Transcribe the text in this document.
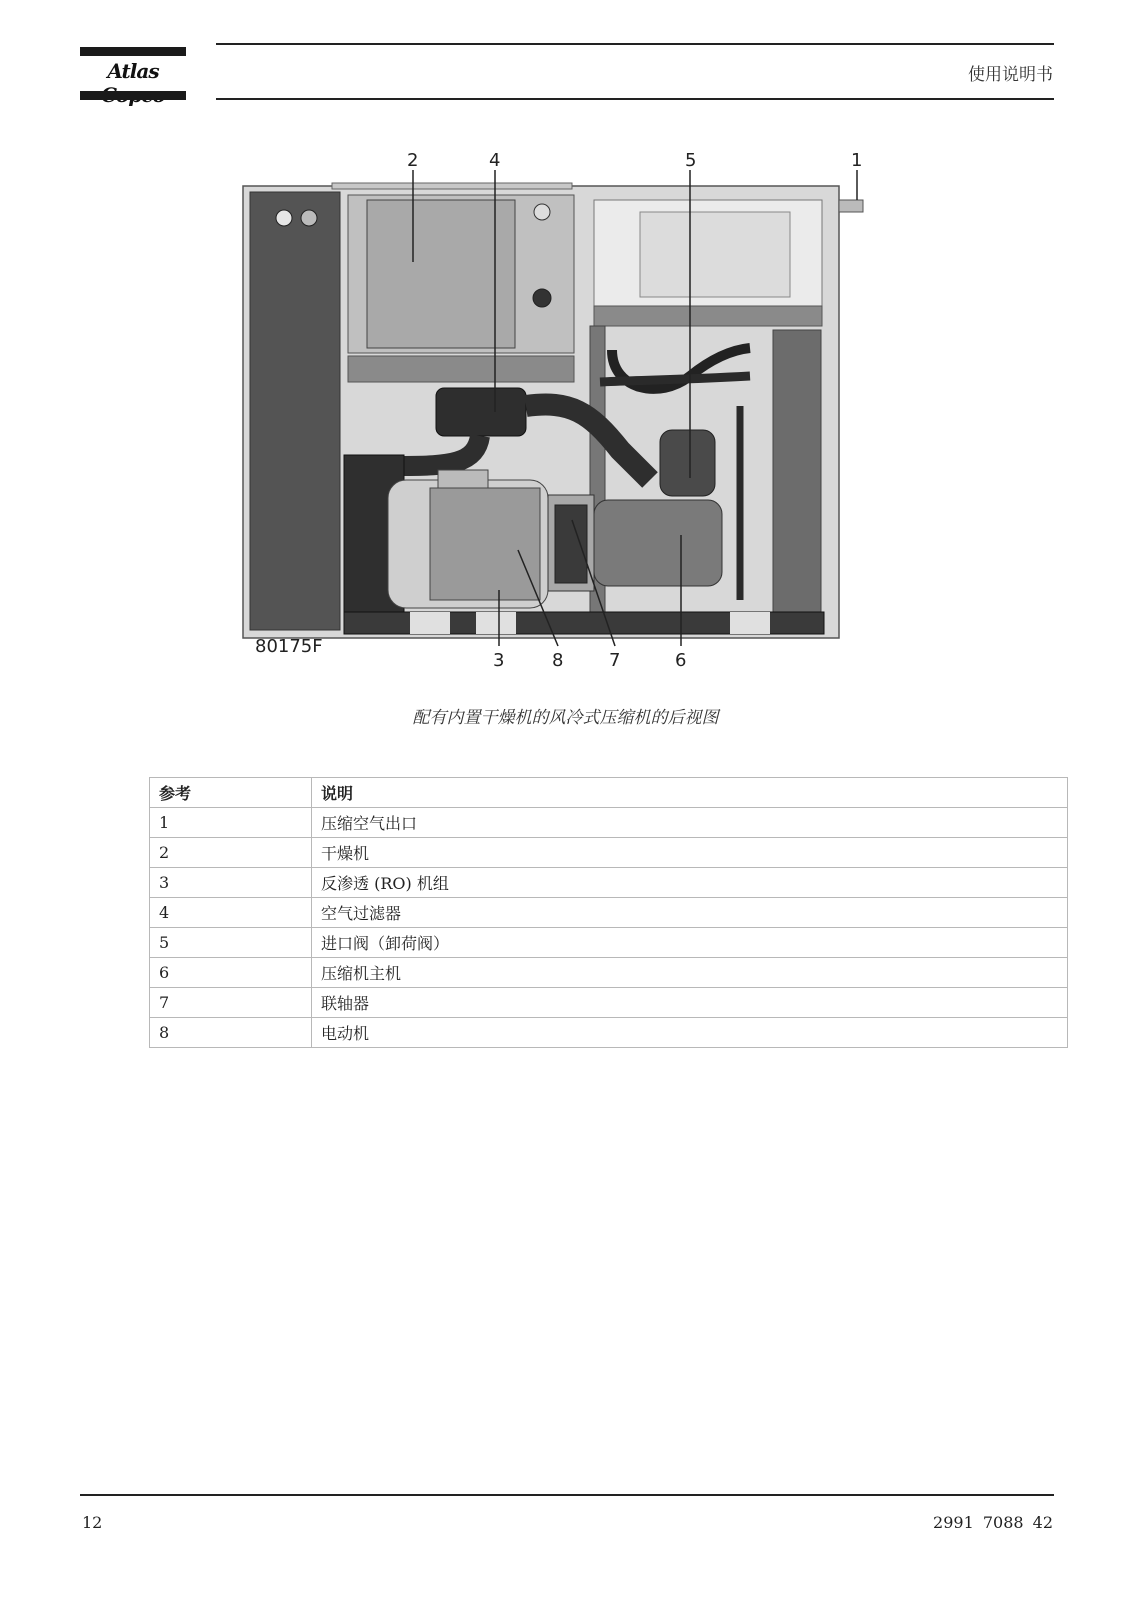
Atlas	使用说明书
2	4	5	1
80175F
3	8	7	6
配有内置干燥机的风冷式压缩机的后视图
参考	说明
1	压缩空气出口
2	干燥机
3	反渗透 (RO) 机组
4	空气过滤器
5	进口阀（卸荷阀）
6	压缩机主机
7	联轴器
8	电动机
12	2991 7088 42
